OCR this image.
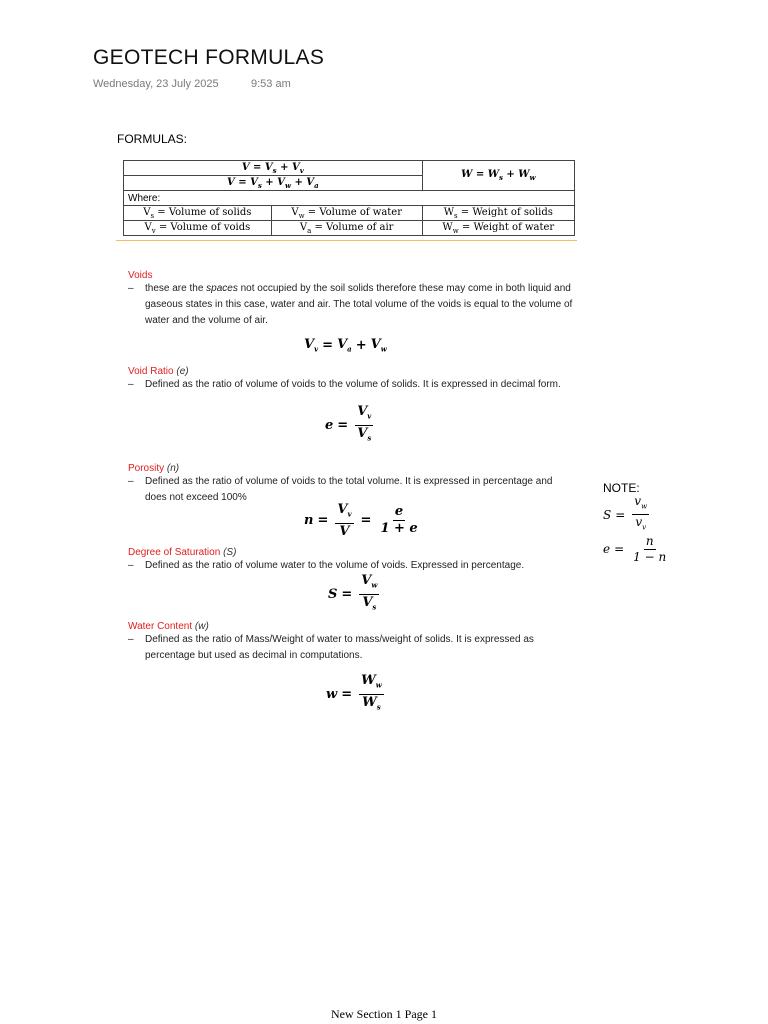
GEOTECH FORMULAS
Wednesday, 23 July 2025	9:53 am
FORMULAS:
$V = V_s + V_v$		$W = W_s + W_w$
$V = V_s + V_w + V_a$
Where:		
$V_s$ = Volume of solids	$V_w$ = Volume of water	$W_s$ = Weight of solids
$V_v$ = Volume of voids	$V_a$ = Volume of air	$W_w$ = Weight of water
Voids
– these are the spaces not occupied by the soil solids therefore these may come in both liquid and gaseous states in this case, water and air. The total volume of the voids is equal to the volume of water and the volume of air.
$V_v = V_a + V_w$
Void Ratio (e)
– Defined as the ratio of volume of voids to the volume of solids. It is expressed in decimal form.
$e = \frac{V_v}{V_s}$
Porosity (n)
– Defined as the ratio of volume of voids to the total volume. It is expressed in percentage and does not exceed 100%
$n = \frac{V_v}{V} = \frac{e}{1 + e}$
Degree of Saturation (S)
– Defined as the ratio of volume water to the volume of voids. Expressed in percentage.
$S = \frac{V_w}{V_s}$
Water Content (w)
– Defined as the ratio of Mass/Weight of water to mass/weight of solids. It is expressed as percentage but used as decimal in computations.
$w = \frac{W_w}{W_s}$
NOTE:
$S = \frac{v_w}{v_v}$
$e = \frac{n}{1 - n}$
New Section 1 Page 1
